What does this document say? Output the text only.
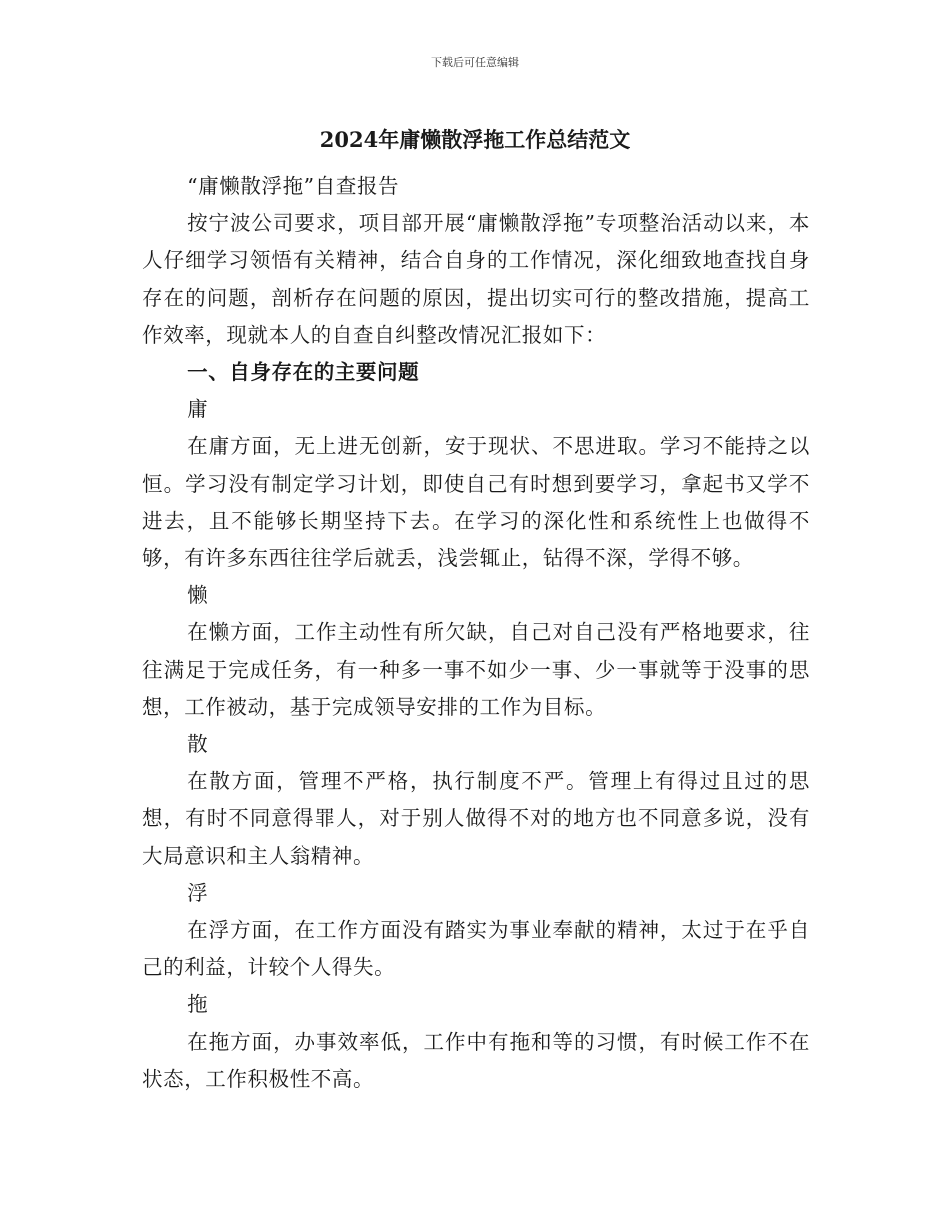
下载后可任意编辑
2024年庸懒散浮拖工作总结范文

“庸懒散浮拖”自查报告

按宁波公司要求，项目部开展“庸懒散浮拖”专项整治活动以来，本人仔细学习领悟有关精神，结合自身的工作情况，深化细致地查找自身存在的问题，剖析存在问题的原因，提出切实可行的整改措施，提高工作效率，现就本人的自查自纠整改情况汇报如下：

一、自身存在的主要问题

庸

在庸方面，无上进无创新，安于现状、不思进取。学习不能持之以恒。学习没有制定学习计划，即使自己有时想到要学习，拿起书又学不进去，且不能够长期坚持下去。在学习的深化性和系统性上也做得不够，有许多东西往往学后就丢，浅尝辄止，钻得不深，学得不够。

懒

在懒方面，工作主动性有所欠缺，自己对自己没有严格地要求，往往满足于完成任务，有一种多一事不如少一事、少一事就等于没事的思想，工作被动，基于完成领导安排的工作为目标。

散

在散方面，管理不严格，执行制度不严。管理上有得过且过的思想，有时不同意得罪人，对于别人做得不对的地方也不同意多说，没有大局意识和主人翁精神。

浮

在浮方面，在工作方面没有踏实为事业奉献的精神，太过于在乎自己的利益，计较个人得失。

拖

在拖方面，办事效率低，工作中有拖和等的习惯，有时候工作不在状态，工作积极性不高。
